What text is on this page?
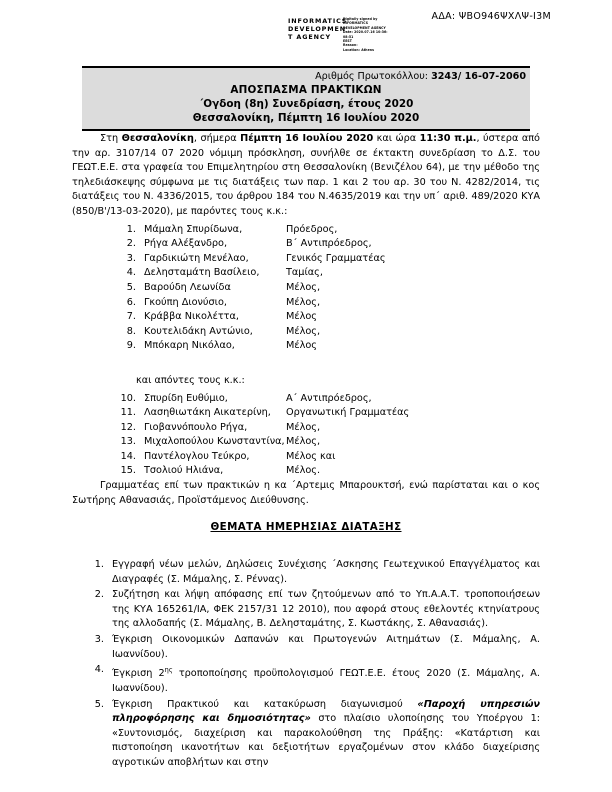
ΑΔΑ: ΨΒΟ946ΨΧΛΨ-Ι3Μ
INFORMATICS
DEVELOPMEN
T AGENCY
Digitally signed by
INFORMATICS
DEVELOPMENT AGENCY
Date: 2020.07.16 10:36:
08:51
EEST
Reason:
Location: Athens
Αριθμός Πρωτοκόλλου: 3243/ 16-07-2060
ΑΠΟΣΠΑΣΜΑ ΠΡΑΚΤΙΚΩΝ
΄Ογδοη (8η) Συνεδρίαση, έτους 2020
Θεσσαλονίκη, Πέμπτη 16 Ιουλίου 2020

Στη Θεσσαλονίκη, σήμερα Πέμπτη 16 Ιουλίου 2020 και ώρα 11:30 π.μ., ύστερα από την αρ. 3107/14 07 2020 νόμιμη πρόσκληση, συνήλθε σε έκτακτη συνεδρίαση το Δ.Σ. του ΓΕΩΤ.Ε.Ε. στα γραφεία του Επιμελητηρίου στη Θεσσαλονίκη (Βενιζέλου 64), με την μέθοδο της τηλεδιάσκεψης σύμφωνα με τις διατάξεις των παρ. 1 και 2 του αρ. 30 του Ν. 4282/2014, τις διατάξεις του Ν. 4336/2015, του άρθρου 184 του Ν.4635/2019 και την υπ΄ αριθ. 489/2020 ΚΥΑ (850/Β'/13-03-2020), με παρόντες τους κ.κ.:

1. Μάμαλη Σπυρίδωνα,	Πρόεδρος,
2. Ρήγα Αλέξανδρο,	Β΄ Αντιπρόεδρος,
3. Γαρδικιώτη Μενέλαο,	Γενικός Γραμματέας
4. Δελησταμάτη Βασίλειο,	Ταμίας,
5. Βαρούδη Λεωνίδα	Μέλος,
6. Γκούπη Διονύσιο,	Μέλος,
7. Κράββα Νικολέττα,	Μέλος
8. Κουτελιδάκη Αντώνιο,	Μέλος,
9. Μπόκαρη Νικόλαο,	Μέλος
και απόντες τους κ.κ.:
10. Σπυρίδη Ευθύμιο,	Α΄ Αντιπρόεδρος,
11. Λασηθιωτάκη Αικατερίνη,	Οργανωτική Γραμματέας
12. Γιοβαννόπουλο Ρήγα,	Μέλος,
13. Μιχαλοπούλου Κωνσταντίνα, Μέλος,
14. Παντέλογλου Τεύκρο,	Μέλος και
15. Τσολιού Ηλιάνα,	Μέλος.

Γραμματέας επί των πρακτικών η κα ΄Αρτεμις Μπαρουκτσή, ενώ παρίσταται και ο κος Σωτήρης Αθανασιάς, Προϊστάμενος Διεύθυνσης.

ΘΕΜΑΤΑ ΗΜΕΡΗΣΙΑΣ ΔΙΑΤΑΞΗΣ
1. Εγγραφή νέων μελών, Δηλώσεις Συνέχισης ΄Ασκησης Γεωτεχνικού Επαγγέλματος και Διαγραφές (Σ. Μάμαλης, Σ. Ρέννας).
2. Συζήτηση και λήψη απόφασης επί των ζητούμενων από το Υπ.Α.Α.Τ. τροποποιήσεων της ΚΥΑ 165261/ΙΑ, ΦΕΚ 2157/31 12 2010), που αφορά στους εθελοντές κτηνίατρους της αλλοδαπής (Σ. Μάμαλης, Β. Δελησταμάτης, Σ. Κωστάκης, Σ. Αθανασιάς).
3. Έγκριση Οικονομικών Δαπανών και Πρωτογενών Αιτημάτων (Σ. Μάμαλης, Α. Ιωαννίδου).
4. Έγκριση $2^{\eta\varsigma}$ τροποποίησης προϋπολογισμού ΓΕΩΤ.Ε.Ε. έτους 2020 (Σ. Μάμαλης, Α. Ιωαννίδου).
5. Έγκριση Πρακτικού και κατακύρωση διαγωνισμού «Παροχή υπηρεσιών πληροφόρησης και δημοσιότητας» στο πλαίσιο υλοποίησης του Υποέργου 1: «Συντονισμός, διαχείριση και παρακολούθηση της Πράξης: «Κατάρτιση και πιστοποίηση ικανοτήτων και δεξιοτήτων εργαζομένων στον κλάδο διαχείρισης αγροτικών αποβλήτων και στην
